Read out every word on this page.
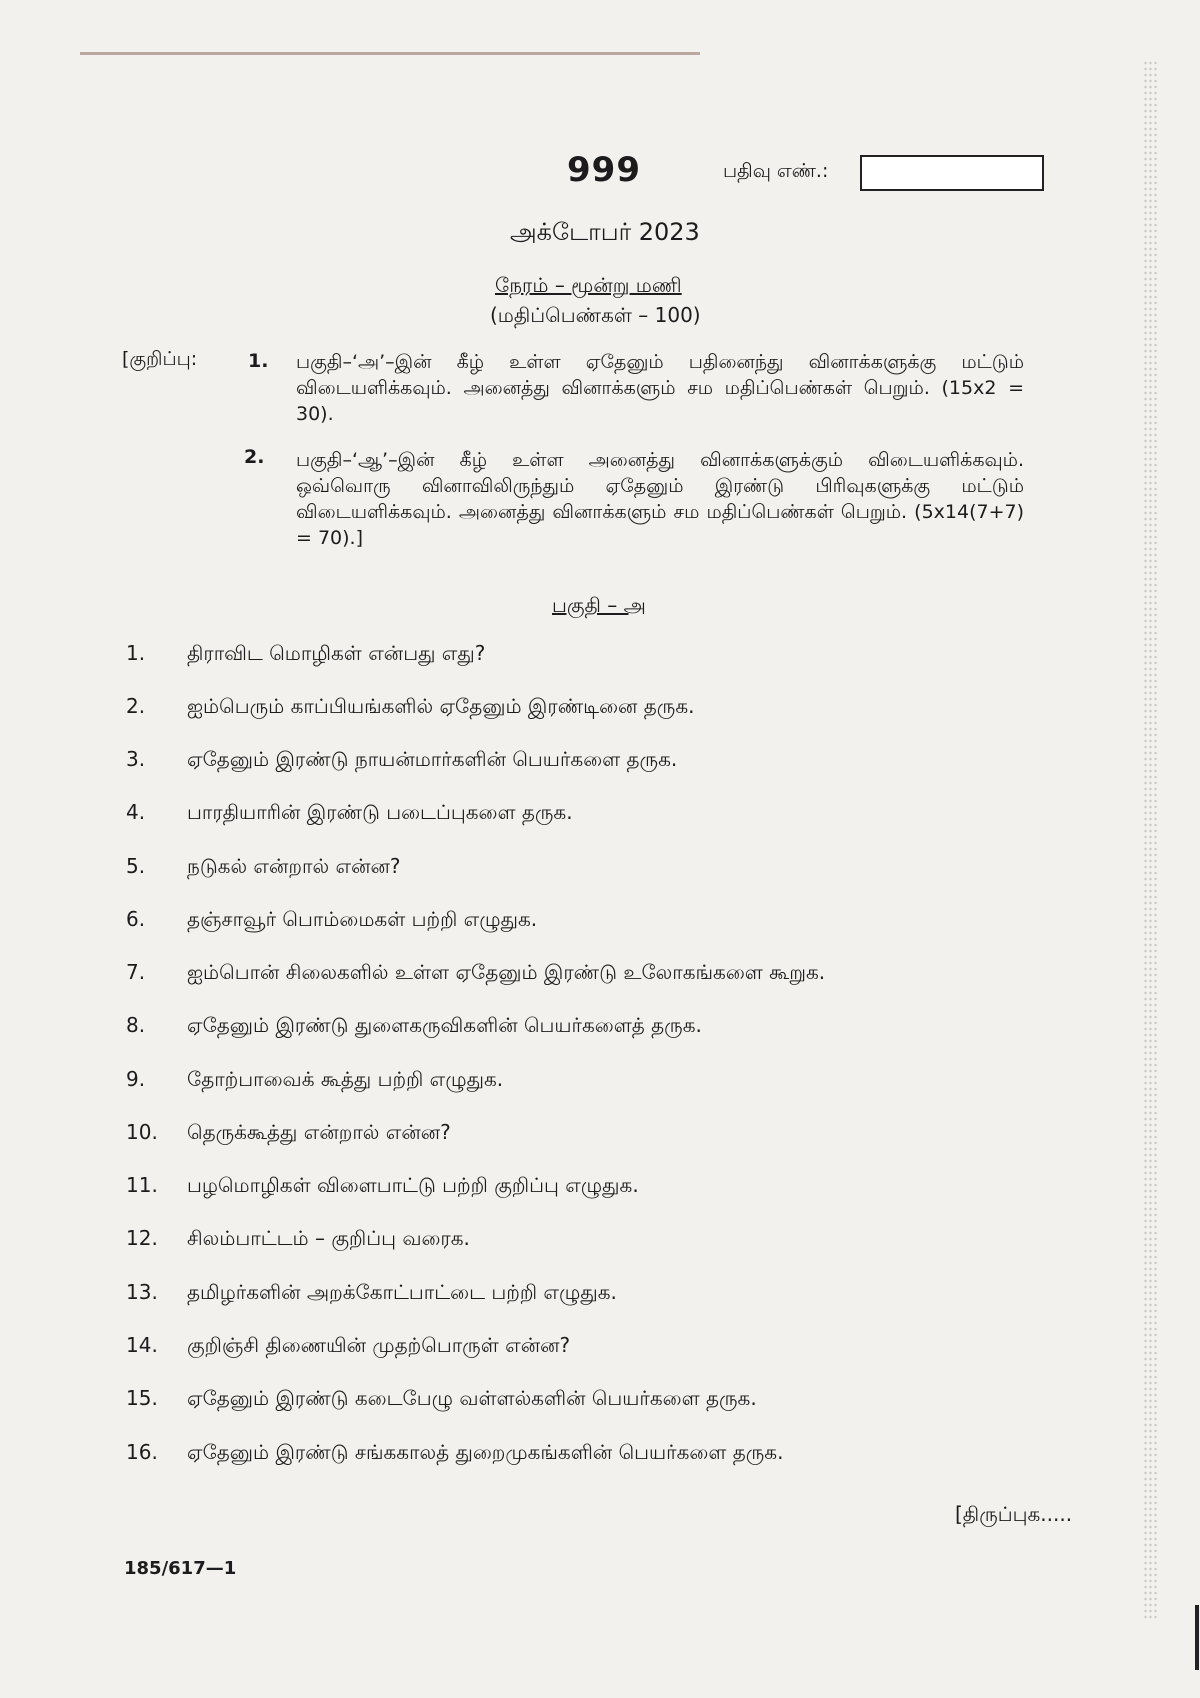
999	பதிவு எண்.:
அக்டோபர் 2023
நேரம் – மூன்று மணி
(மதிப்பெண்கள் – 100)
[குறிப்பு:	1. பகுதி–‘அ’–இன் கீழ் உள்ள ஏதேனும் பதினைந்து வினாக்களுக்கு மட்டும் விடையளிக்கவும். அனைத்து வினாக்களும் சம மதிப்பெண்கள் பெறும். (15x2 = 30).
2. பகுதி–‘ஆ’–இன் கீழ் உள்ள அனைத்து வினாக்களுக்கும் விடையளிக்கவும். ஒவ்வொரு வினாவிலிருந்தும் ஏதேனும் இரண்டு பிரிவுகளுக்கு மட்டும் விடையளிக்கவும். அனைத்து வினாக்களும் சம மதிப்பெண்கள் பெறும். (5x14(7+7) = 70).]
பகுதி – அ
1.	திராவிட மொழிகள் என்பது எது?
2.	ஐம்பெரும் காப்பியங்களில் ஏதேனும் இரண்டினை தருக.
3.	ஏதேனும் இரண்டு நாயன்மார்களின் பெயர்களை தருக.
4.	பாரதியாரின் இரண்டு படைப்புகளை தருக.
5.	நடுகல் என்றால் என்ன?
6.	தஞ்சாவூர் பொம்மைகள் பற்றி எழுதுக.
7.	ஐம்பொன் சிலைகளில் உள்ள ஏதேனும் இரண்டு உலோகங்களை கூறுக.
8.	ஏதேனும் இரண்டு துளைகருவிகளின் பெயர்களைத் தருக.
9.	தோற்பாவைக் கூத்து பற்றி எழுதுக.
10.	தெருக்கூத்து என்றால் என்ன?
11.	பழமொழிகள் விளைபாட்டு பற்றி குறிப்பு எழுதுக.
12.	சிலம்பாட்டம் – குறிப்பு வரைக.
13.	தமிழர்களின் அறக்கோட்பாட்டை பற்றி எழுதுக.
14.	குறிஞ்சி திணையின் முதற்பொருள் என்ன?
15.	ஏதேனும் இரண்டு கடைபேழு வள்ளல்களின் பெயர்களை தருக.
16.	ஏதேனும் இரண்டு சங்ககாலத் துறைமுகங்களின் பெயர்களை தருக.
[திருப்புக.....
185/617—1
